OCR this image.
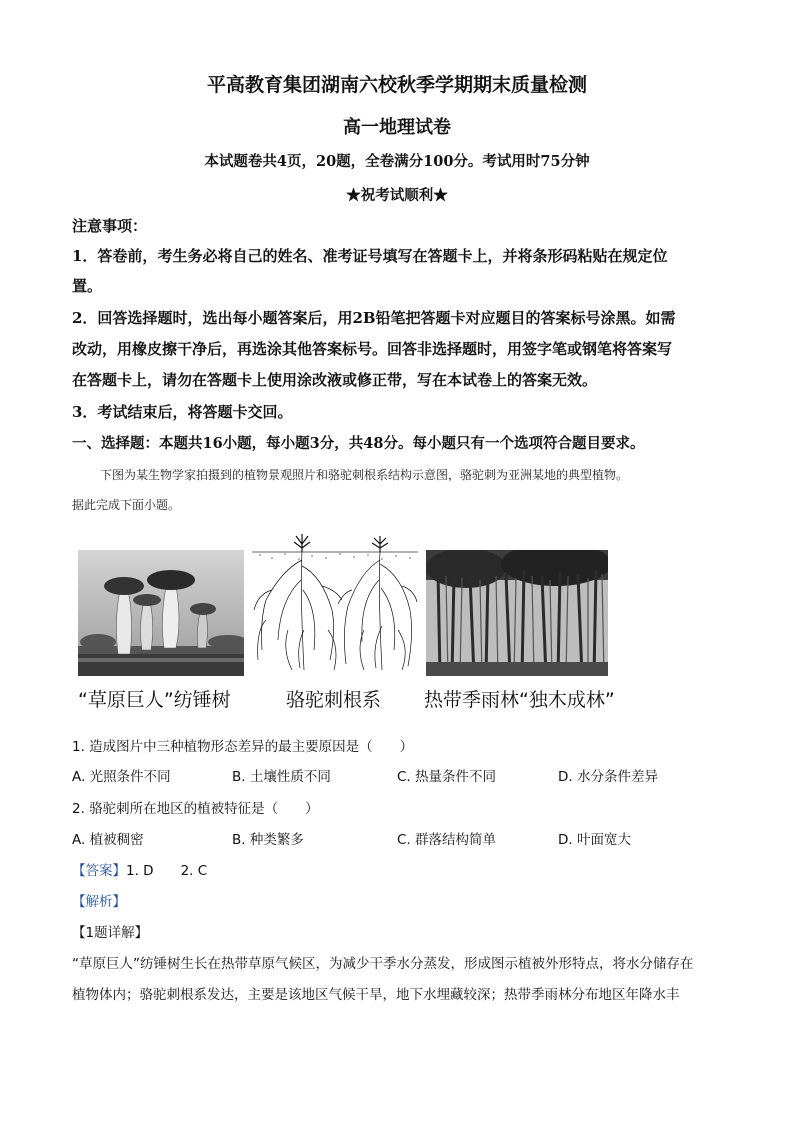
平高教育集团湖南六校秋季学期期末质量检测
高一地理试卷
本试题卷共4页，20题，全卷满分100分。考试用时75分钟
★祝考试顺利★
注意事项：
1．答卷前，考生务必将自己的姓名、准考证号填写在答题卡上，并将条形码粘贴在规定位
置。
2．回答选择题时，选出每小题答案后，用2B铅笔把答题卡对应题目的答案标号涂黑。如需
改动，用橡皮擦干净后，再选涂其他答案标号。回答非选择题时，用签字笔或钢笔将答案写
在答题卡上，请勿在答题卡上使用涂改液或修正带，写在本试卷上的答案无效。
3．考试结束后，将答题卡交回。
一、选择题：本题共16小题，每小题3分，共48分。每小题只有一个选项符合题目要求。
下图为某生物学家拍摄到的植物景观照片和骆驼刺根系结构示意图，骆驼刺为亚洲某地的典型植物。
据此完成下面小题。
“草原巨人”纺锤树	骆驼刺根系 热带季雨林“独木成林”
1. 造成图片中三种植物形态差异的最主要原因是（　　）
A. 光照条件不同	B. 土壤性质不同	C. 热量条件不同	D. 水分条件差异
2. 骆驼刺所在地区的植被特征是（　　）
A. 植被稠密	B. 种类繁多	C. 群落结构简单	D. 叶面宽大
【答案】1. D　　2. C
【解析】
【1题详解】
“草原巨人”纺锤树生长在热带草原气候区，为减少干季水分蒸发，形成图示植被外形特点，将水分储存在
植物体内；骆驼刺根系发达，主要是该地区气候干旱，地下水埋藏较深；热带季雨林分布地区年降水丰
